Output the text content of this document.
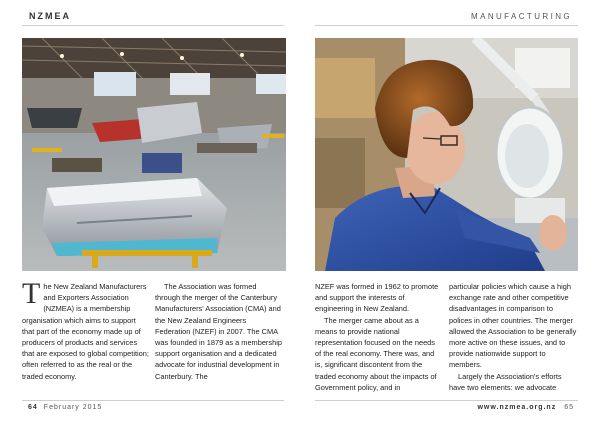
NZMEA	MANUFACTURING

The New Zealand Manufacturers and Exporters Association (NZMEA) is a membership organisation which aims to support that part of the economy made up of producers of products and services that are exposed to global competition; often referred to as the real or the traded economy.

The Association was formed through the merger of the Canterbury Manufacturers' Association (CMA) and the New Zealand Engineers Federation (NZEF) in 2007. The CMA was founded in 1879 as a membership support organisation and a dedicated advocate for industrial development in Canterbury. The

NZEF was formed in 1962 to promote and support the interests of engineering in New Zealand.

The merger came about as a means to provide national representation focused on the needs of the real economy. There was, and is, significant discontent from the traded economy about the impacts of Government policy, and in

particular policies which cause a high exchange rate and other competitive disadvantages in comparison to polices in other countries. The merger allowed the Association to be generally more active on these issues, and to provide nationwide support to members.

Largely the Association's efforts have two elements: we advocate

64 February 2015	www.nzmea.org.nz 65
